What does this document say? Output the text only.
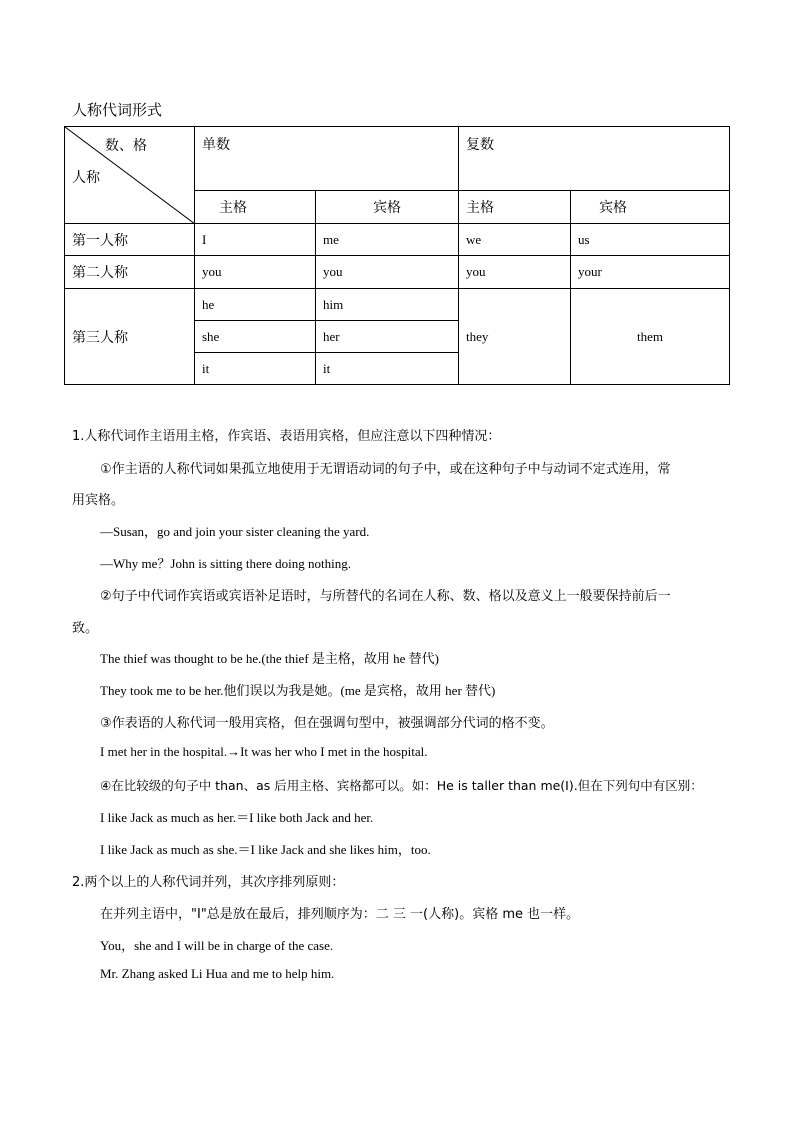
人称代词形式
数、格
人称	单数		复数	
	主格	宾格	主格	宾格
第一人称	I	me	we	us
第二人称	you	you	you	your
第三人称	he	him	they	them
	she	her		
	it	it		
1.人称代词作主语用主格，作宾语、表语用宾格，但应注意以下四种情况：
①作主语的人称代词如果孤立地使用于无谓语动词的句子中，或在这种句子中与动词不定式连用，常
用宾格。
—Susan，go and join your sister cleaning the yard.
—Why me？John is sitting there doing nothing.
②句子中代词作宾语或宾语补足语时，与所替代的名词在人称、数、格以及意义上一般要保持前后一
致。
The thief was thought to be he.(the thief 是主格，故用 he 替代)
They took me to be her.他们误以为我是她。(me 是宾格，故用 her 替代)
③作表语的人称代词一般用宾格，但在强调句型中，被强调部分代词的格不变。
I met her in the hospital.→It was her who I met in the hospital.
④在比较级的句子中 than、as 后用主格、宾格都可以。如：He is taller than me(I).但在下列句中有区别：
I like Jack as much as her.＝I like both Jack and her.
I like Jack as much as she.＝I like Jack and she likes him，too.
2.两个以上的人称代词并列，其次序排列原则：
在并列主语中，"I"总是放在最后，排列顺序为：二 三 一(人称)。宾格 me 也一样。
You，she and I will be in charge of the case.
Mr. Zhang asked Li Hua and me to help him.
